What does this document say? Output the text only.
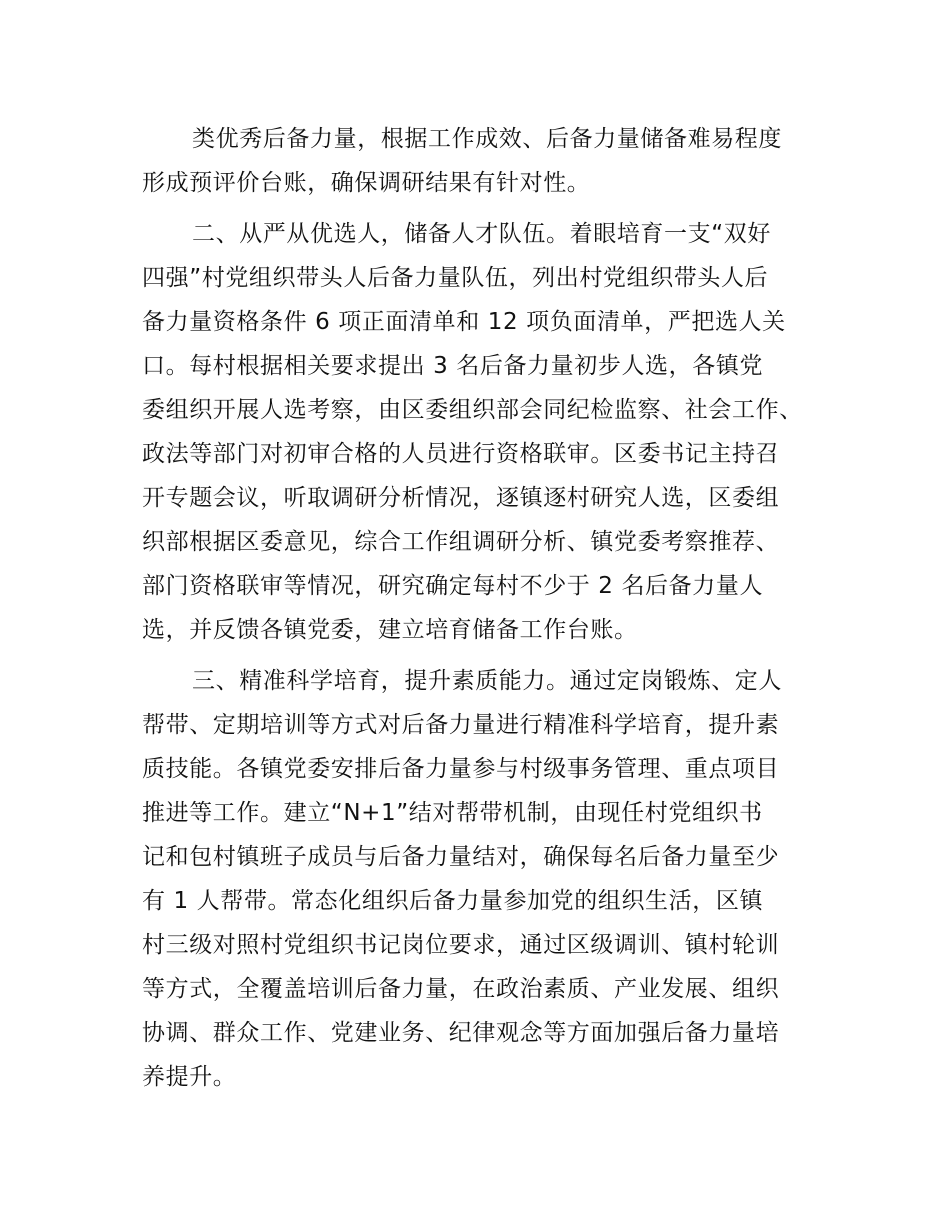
类优秀后备力量，根据工作成效、后备力量储备难易程度
形成预评价台账，确保调研结果有针对性。
二、从严从优选人，储备人才队伍。着眼培育一支“双好
四强”村党组织带头人后备力量队伍，列出村党组织带头人后
备力量资格条件 6 项正面清单和 12 项负面清单，严把选人关
口。每村根据相关要求提出 3 名后备力量初步人选，各镇党
委组织开展人选考察，由区委组织部会同纪检监察、社会工作、
政法等部门对初审合格的人员进行资格联审。区委书记主持召
开专题会议，听取调研分析情况，逐镇逐村研究人选，区委组
织部根据区委意见，综合工作组调研分析、镇党委考察推荐、
部门资格联审等情况，研究确定每村不少于 2 名后备力量人
选，并反馈各镇党委，建立培育储备工作台账。
三、精准科学培育，提升素质能力。通过定岗锻炼、定人
帮带、定期培训等方式对后备力量进行精准科学培育，提升素
质技能。各镇党委安排后备力量参与村级事务管理、重点项目
推进等工作。建立“N+1”结对帮带机制，由现任村党组织书
记和包村镇班子成员与后备力量结对，确保每名后备力量至少
有 1 人帮带。常态化组织后备力量参加党的组织生活，区镇
村三级对照村党组织书记岗位要求，通过区级调训、镇村轮训
等方式，全覆盖培训后备力量，在政治素质、产业发展、组织
协调、群众工作、党建业务、纪律观念等方面加强后备力量培
养提升。
